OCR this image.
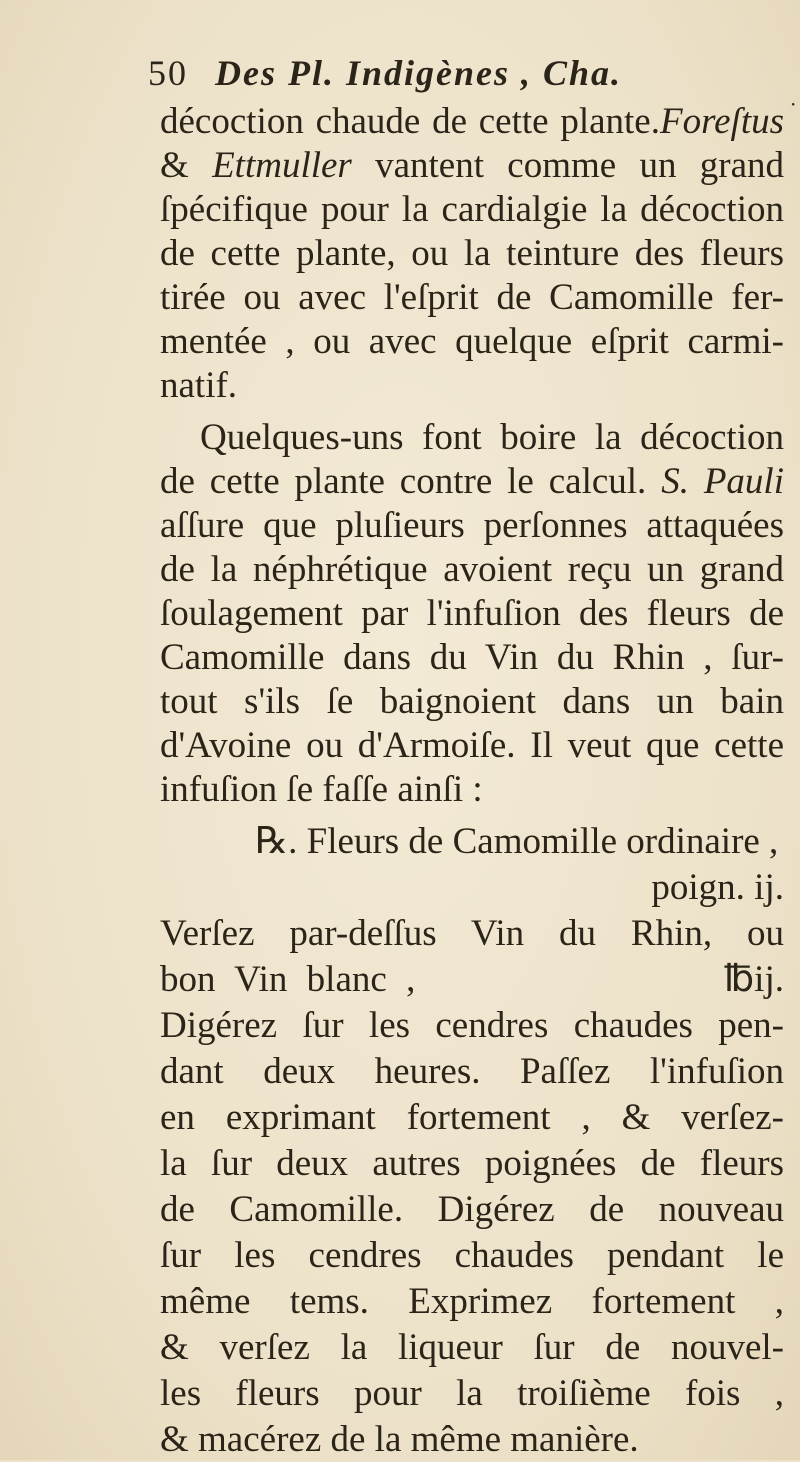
50 Des Pl. Indigènes , Cha.
·
décoction chaude de cette plante.Foreſtus
& Ettmuller vantent comme un grand
ſpécifique pour la cardialgie la décoction
de cette plante, ou la teinture des fleurs
tirée ou avec l'eſprit de Camomille fer-
mentée , ou avec quelque eſprit carmi-
natif.
Quelques-uns font boire la décoction
de cette plante contre le calcul. S. Pauli
aſſure que pluſieurs perſonnes attaquées
de la néphrétique avoient reçu un grand
ſoulagement par l'infuſion des fleurs de
Camomille dans du Vin du Rhin , ſur-
tout s'ils ſe baignoient dans un bain
d'Avoine ou d'Armoiſe. Il veut que cette
infuſion ſe faſſe ainſi :
℞. Fleurs de Camomille ordinaire ,
poign. ij.
Verſez par-deſſus Vin du Rhin, ou
bon Vin blanc ,                ℔ij.
Digérez ſur les cendres chaudes pen-
dant deux heures. Paſſez l'infuſion
en exprimant fortement , & verſez-
la ſur deux autres poignées de fleurs
de Camomille. Digérez de nouveau
ſur les cendres chaudes pendant le
même tems. Exprimez fortement ,
& verſez la liqueur ſur de nouvel-
les fleurs pour la troiſième fois ,
& macérez de la même manière.
